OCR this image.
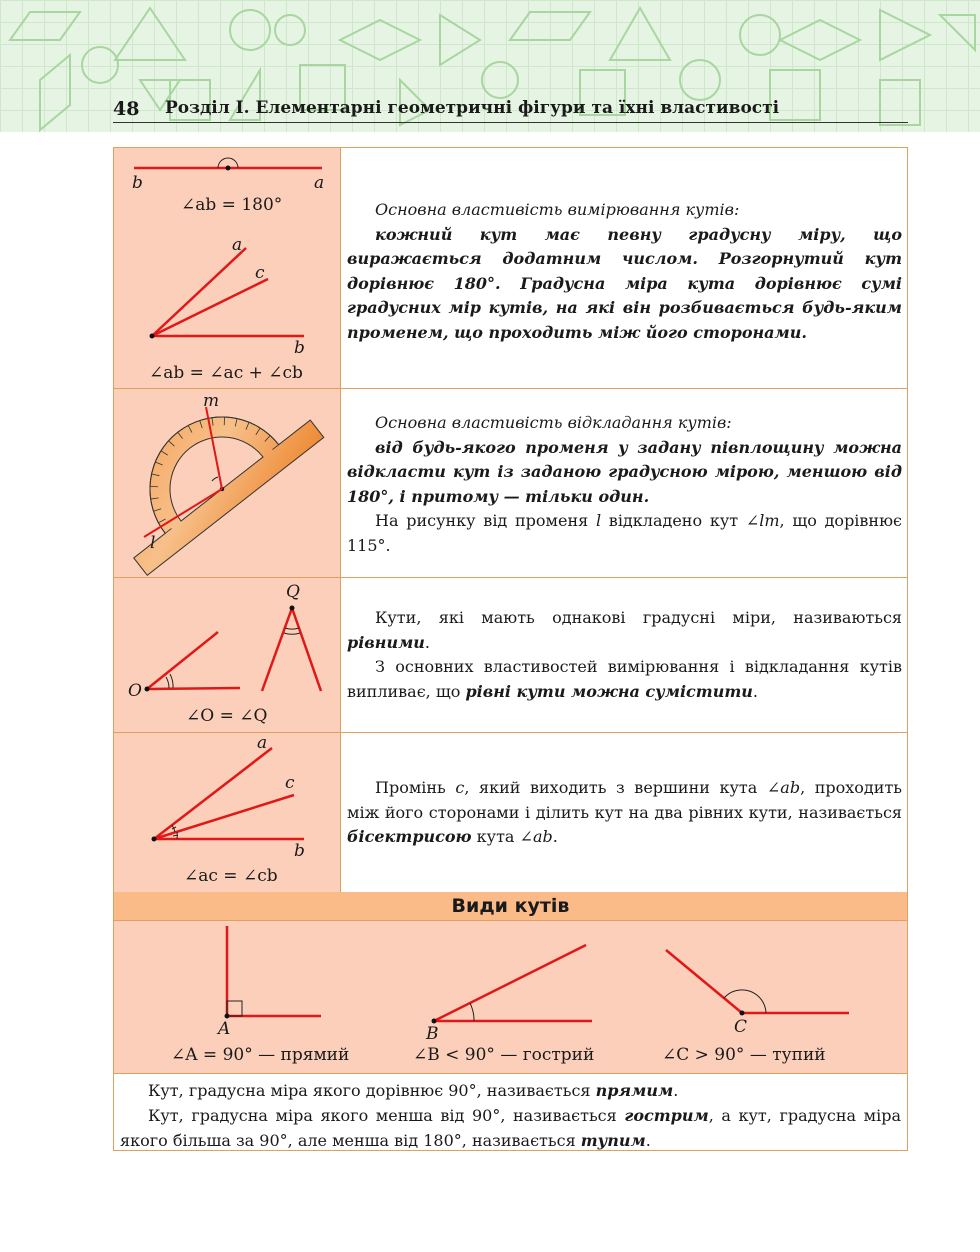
48 Розділ І. Елементарні геометричні фігури та їхні властивості
b	a
∠ab = 180°
a
c
b
∠ab = ∠ac + ∠cb

Основна властивість вимірювання кутів:

кожний кут має певну градусну міру, що виражається додатним числом. Розгорнутий кут дорівнює 180°. Градусна міра кута дорівнює сумі градусних мір кутів, на які він розбивається будь-яким променем, що проходить між його сторонами.

m
l

Основна властивість відкладання кутів:

від будь-якого променя у задану півплощину можна відкласти кут із заданою градусною мірою, меншою від 180°, і притому — тільки один.

На рисунку від променя l відкладено кут ∠lm, що дорівнює 115°.

Q
O
∠O = ∠Q

Кути, які мають однакові градусні міри, називаються рівними.

З основних властивостей вимірювання і відкладання кутів випливає, що рівні кути можна сумістити.

a
c
b
∠ac = ∠cb

Промінь c, який виходить з вершини кута ∠ab, проходить між його сторонами і ділить кут на два рівних кути, називається бісектрисою кута ∠ab.

Види кутів
A
∠A = 90° — прямий
B
∠B < 90° — гострий
C
∠C > 90° — тупий

Кут, градусна міра якого дорівнює 90°, називається прямим.

Кут, градусна міра якого менша від 90°, називається гострим, а кут, градусна міра якого більша за 90°, але менша від 180°, називається тупим.
